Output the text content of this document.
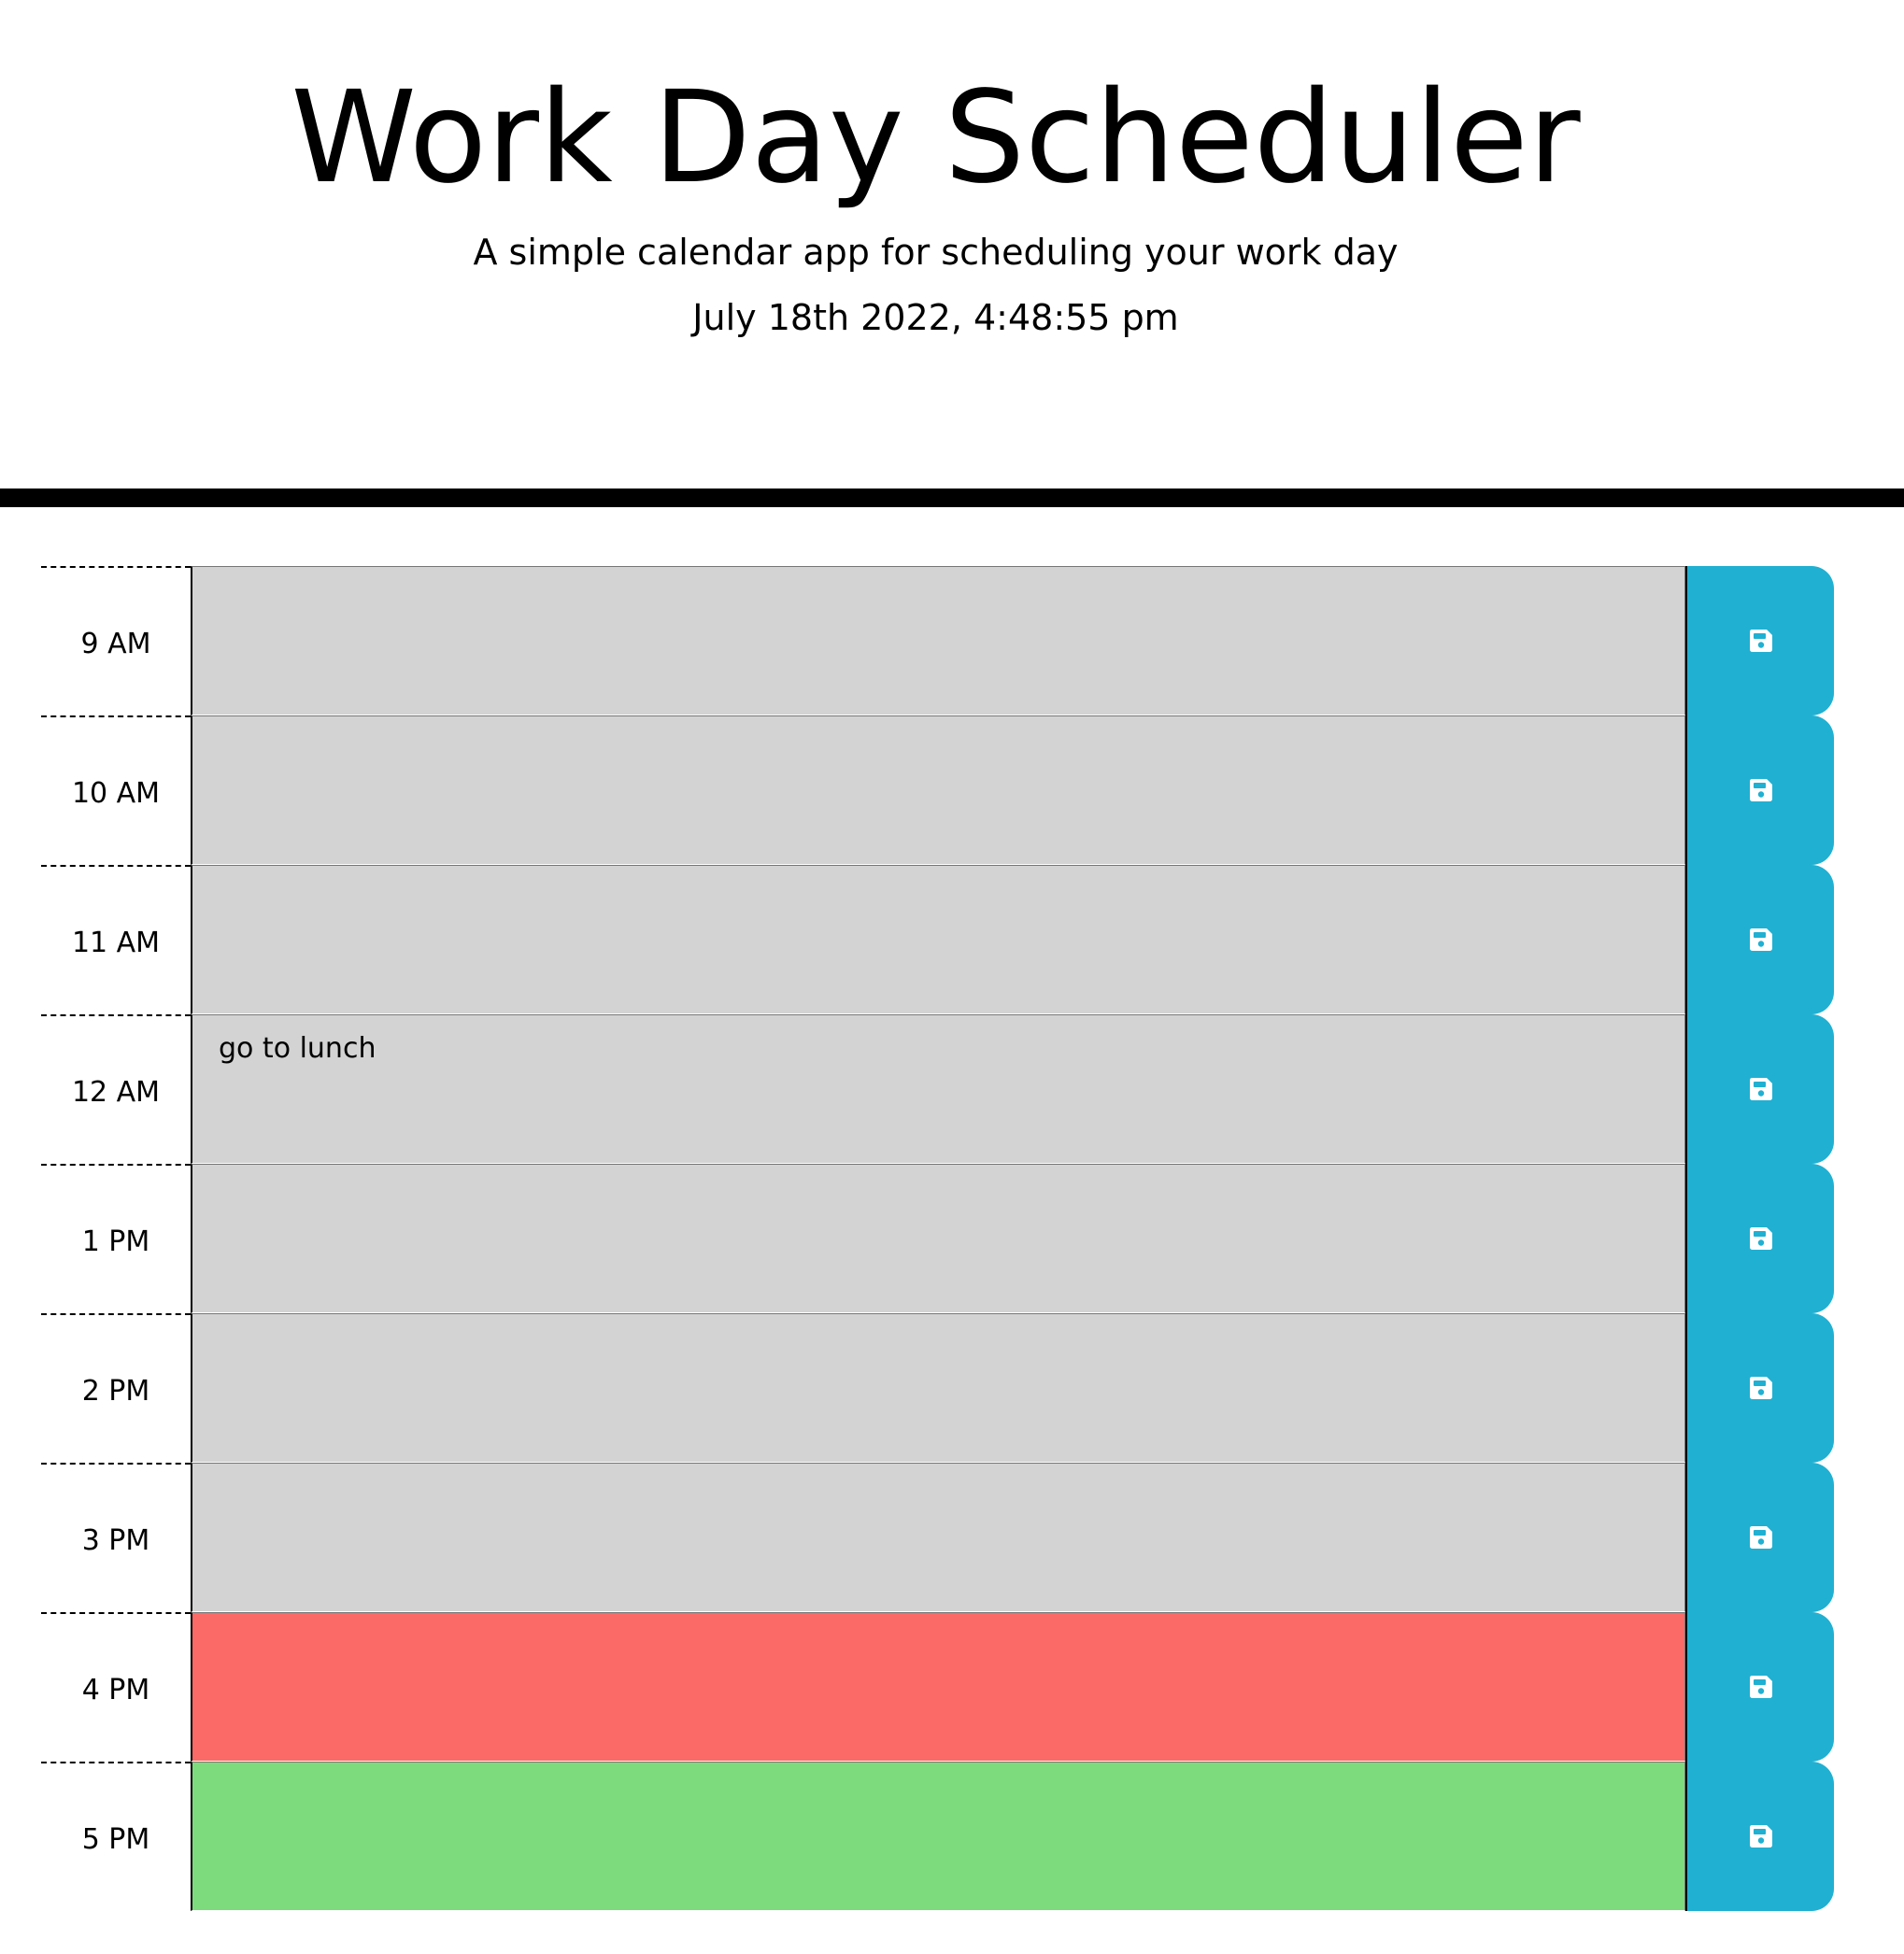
Work Day Scheduler

A simple calendar app for scheduling your work day

July 18th 2022, 4:48:55 pm

9 AM
10 AM
11 AM
12 AM
go to lunch
1 PM
2 PM
3 PM
4 PM
5 PM
